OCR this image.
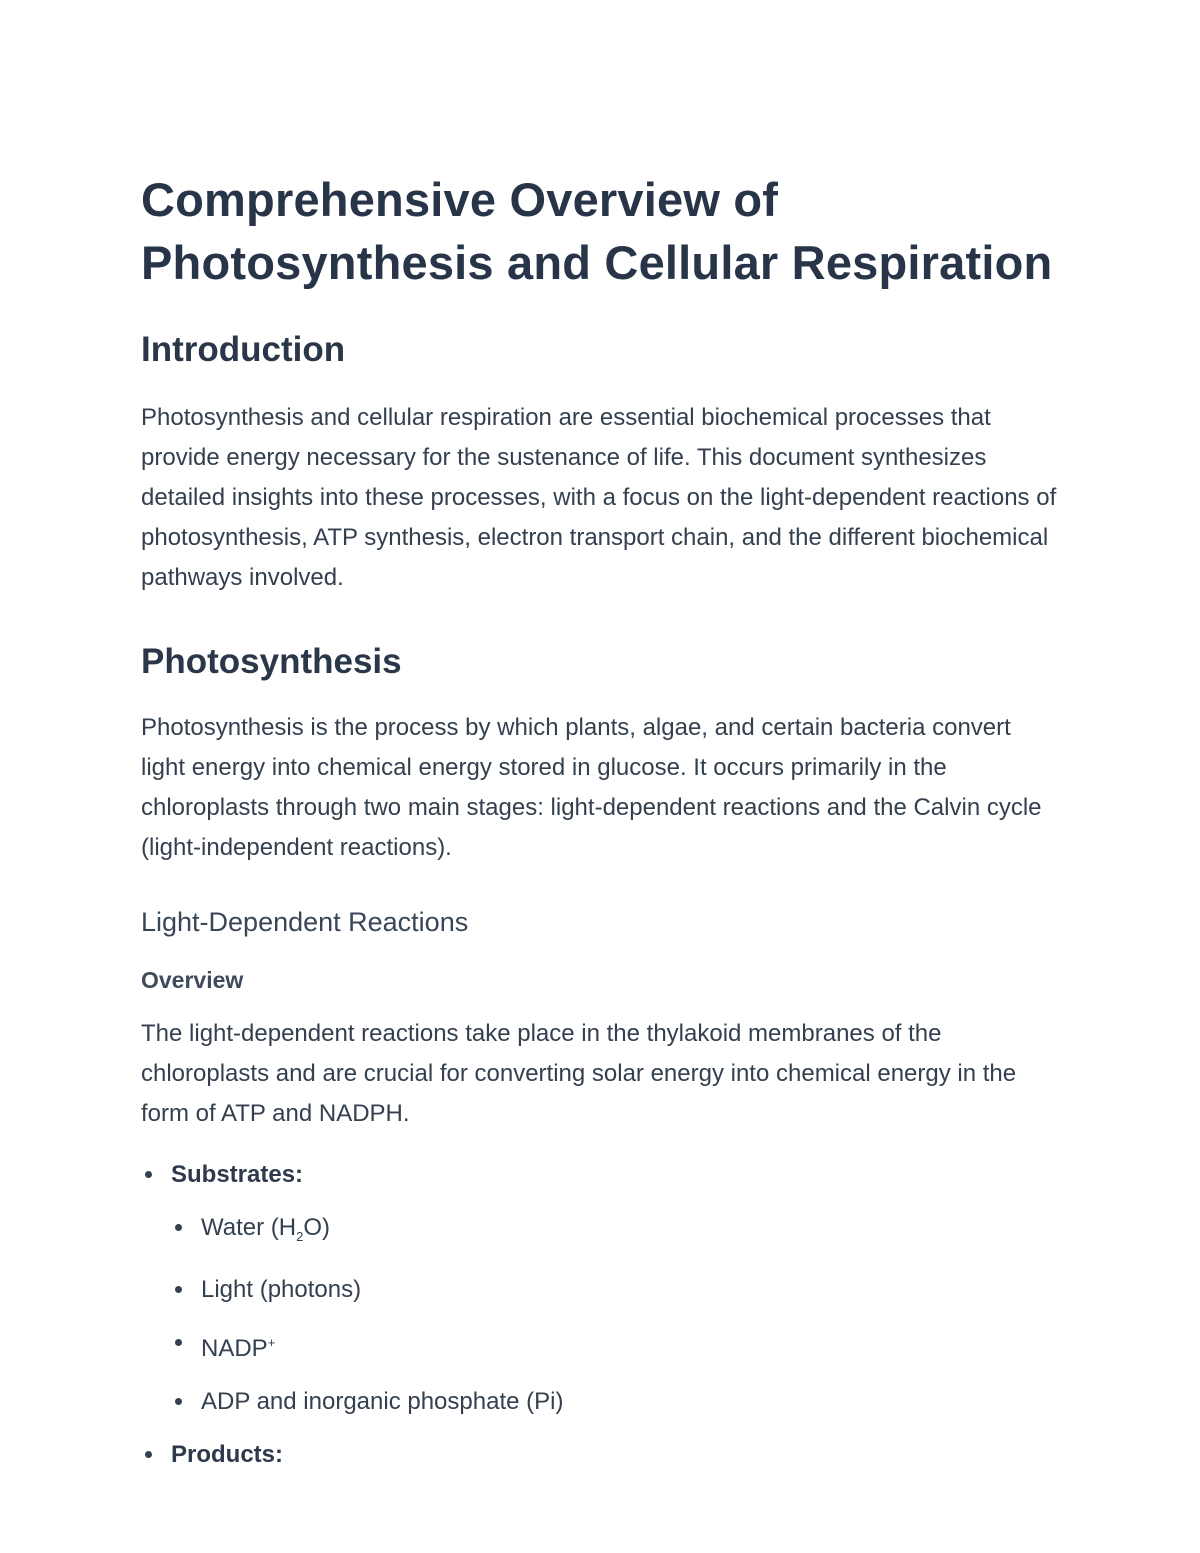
Comprehensive Overview of
Photosynthesis and Cellular Respiration
Introduction

Photosynthesis and cellular respiration are essential biochemical processes that provide energy necessary for the sustenance of life. This document synthesizes detailed insights into these processes, with a focus on the light-dependent reactions of photosynthesis, ATP synthesis, electron transport chain, and the different biochemical pathways involved.

Photosynthesis

Photosynthesis is the process by which plants, algae, and certain bacteria convert light energy into chemical energy stored in glucose. It occurs primarily in the chloroplasts through two main stages: light-dependent reactions and the Calvin cycle (light-independent reactions).

Light-Dependent Reactions
Overview

The light-dependent reactions take place in the thylakoid membranes of the chloroplasts and are crucial for converting solar energy into chemical energy in the form of ATP and NADPH.

Substrates:
Water $(H_2O)$
Light (photons)
NADP+
ADP and inorganic phosphate (Pi)
Products:
